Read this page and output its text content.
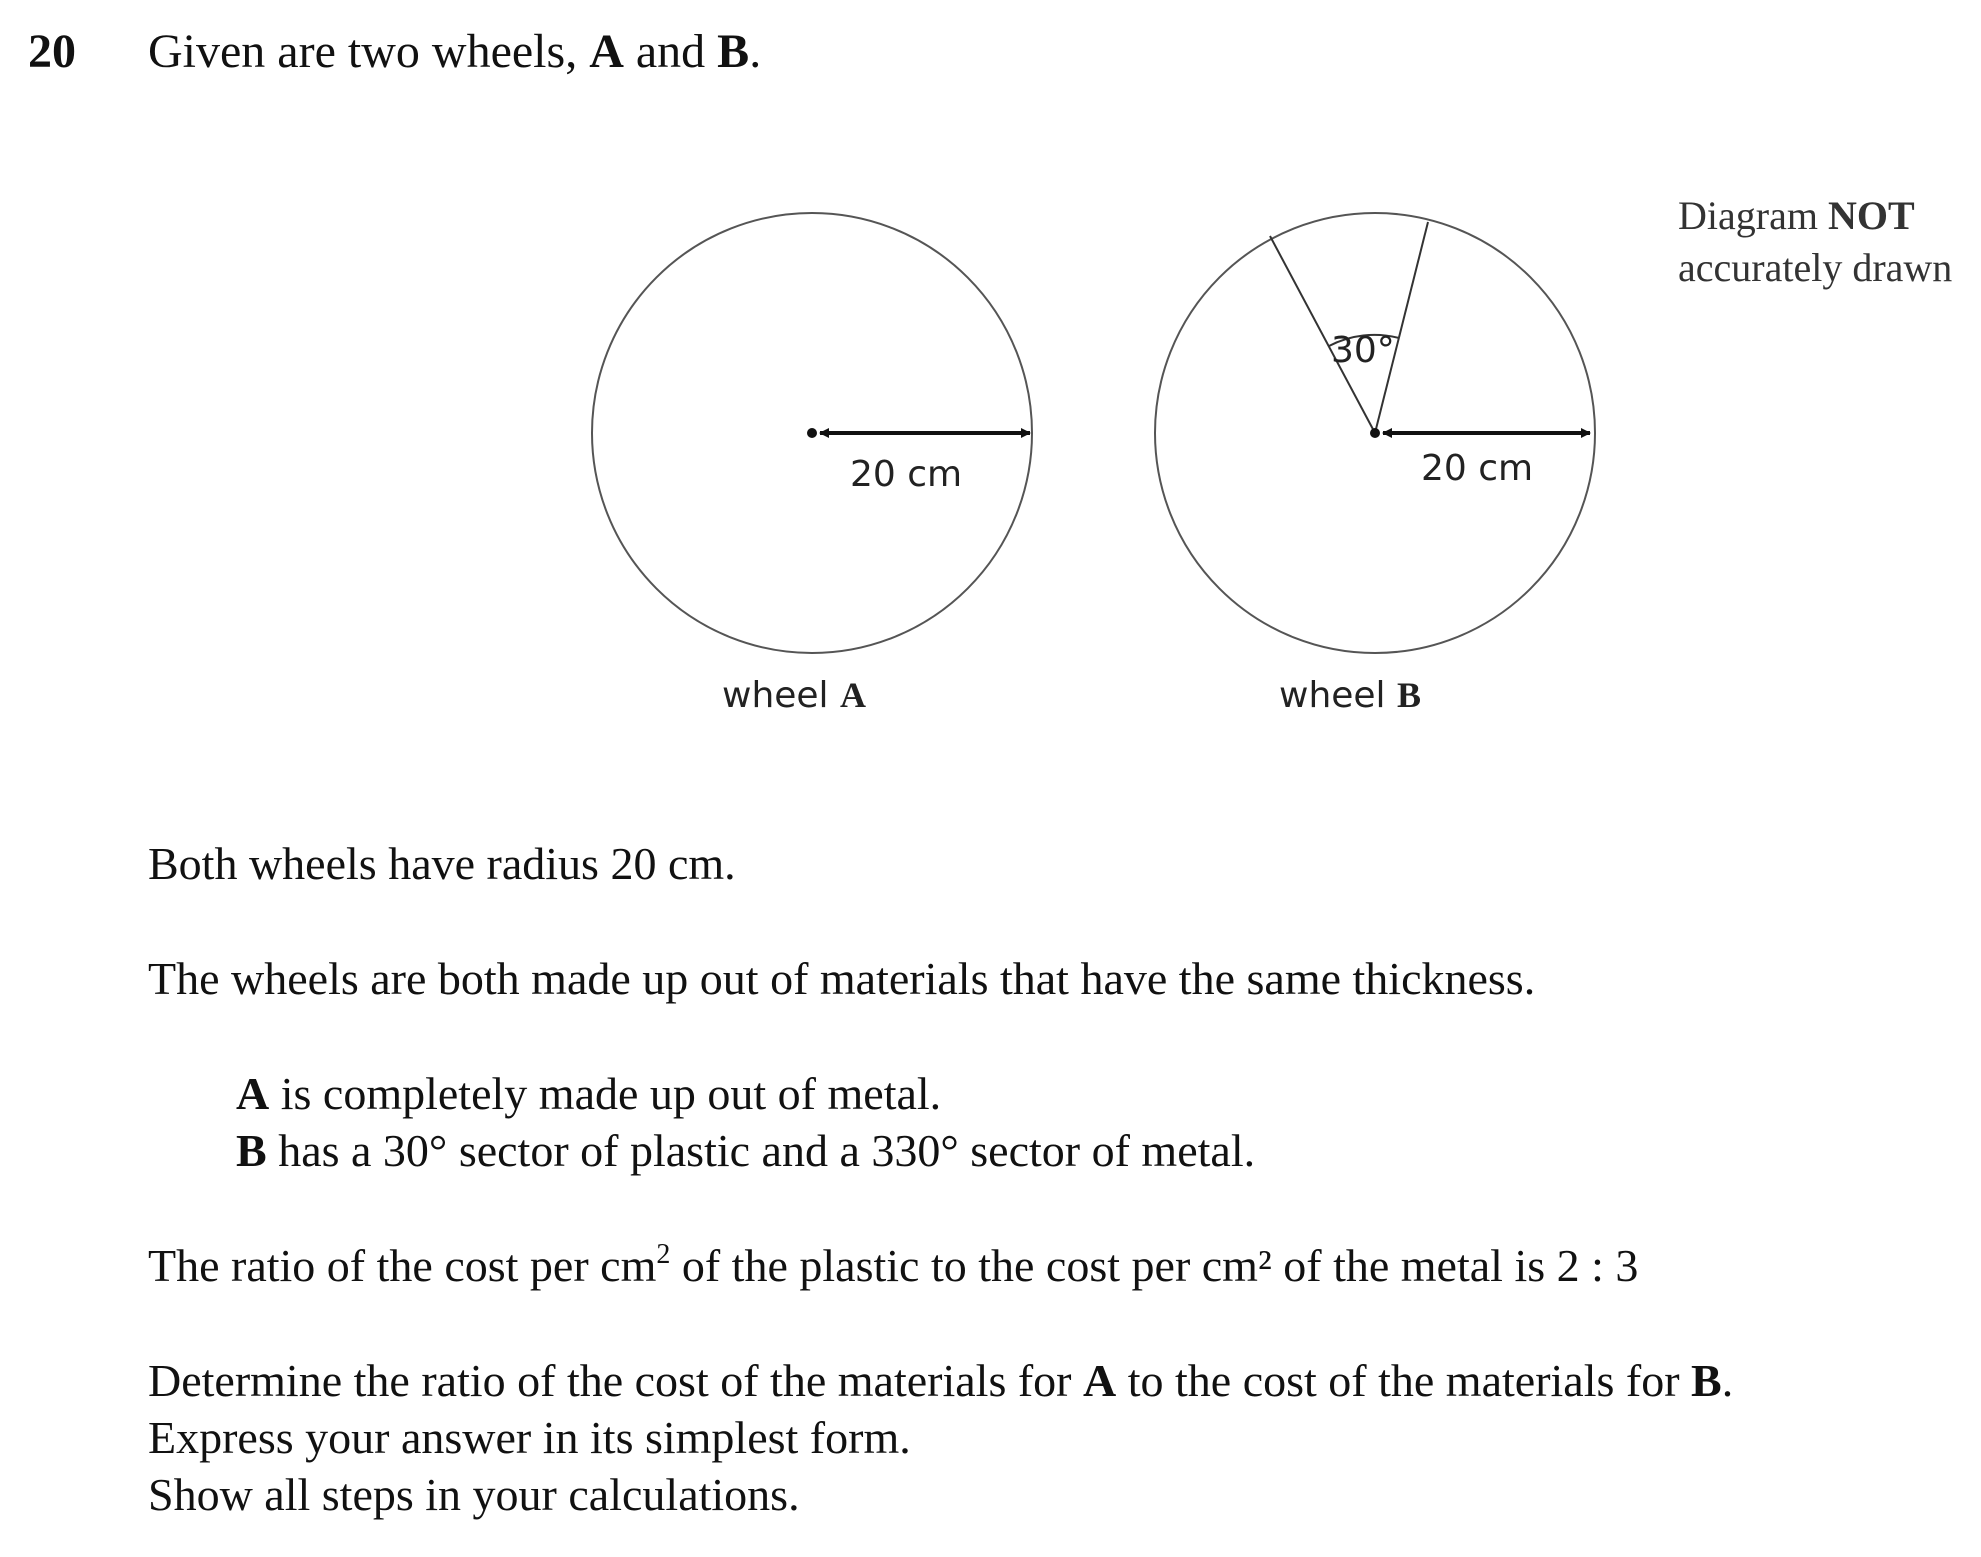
20 Given are two wheels, A and B.
Diagram NOT
accurately drawn
20 cm
wheel A
30°
20 cm
wheel B
Both wheels have radius 20 cm.
The wheels are both made up out of materials that have the same thickness.
A is completely made up out of metal.
B has a 30° sector of plastic and a 330° sector of metal.
The ratio of the cost per $cm^2$ of the plastic to the cost per cm² of the metal is 2 : 3
Determine the ratio of the cost of the materials for A to the cost of the materials for B.
Express your answer in its simplest form.
Show all steps in your calculations.
